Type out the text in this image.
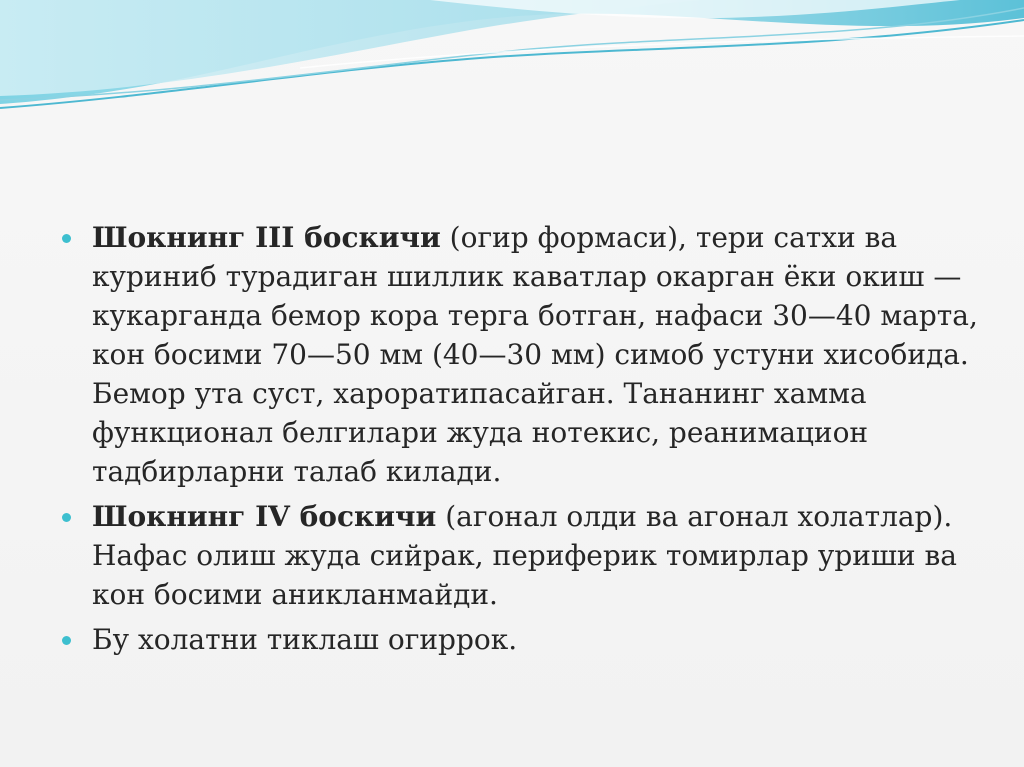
Шокнинг III боскичи (огир формаси), тери сатхи ва куриниб турадиган шиллик каватлар окарган ёки окиш — кукарганда бемор кора терга ботган, нафаси 30—40 марта, кон босими 70—50 мм (40—30 мм) симоб устуни хисобида. Бемор ута суст, хароратипасайган. Тананинг хамма функционал белгилари жуда нотекис, реанимацион тадбирларни талаб килади.
Шокнинг IV боскичи (агонал олди ва агонал холатлар). Нафас олиш жуда сийрак, периферик томирлар уриши ва кон босими аникланмайди.
Бу холатни тиклаш огиррок.
